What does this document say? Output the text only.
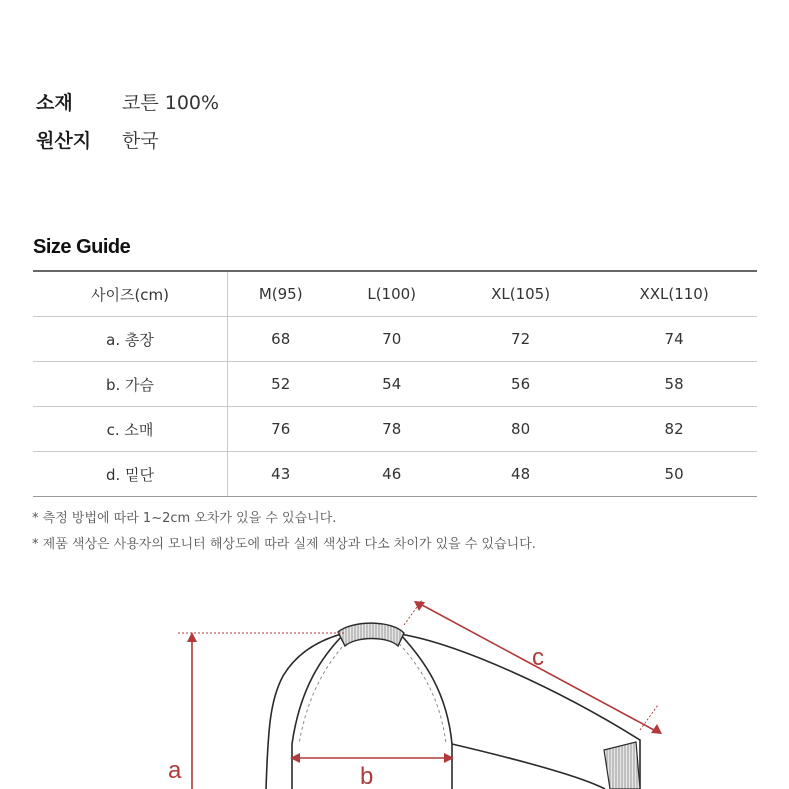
소재	코튼 100%
원산지 한국
Size Guide
사이즈(cm)	M(95)	L(100)	XL(105)	XXL(110)
a. 총장	68	70	72	74
b. 가슴	52	54	56	58
c. 소매	76	78	80	82
d. 밑단	43	46	48	50
* 측정 방법에 따라 1~2cm 오차가 있을 수 있습니다.
* 제품 색상은 사용자의 모니터 해상도에 따라 실제 색상과 다소 차이가 있을 수 있습니다.
a	b
c
